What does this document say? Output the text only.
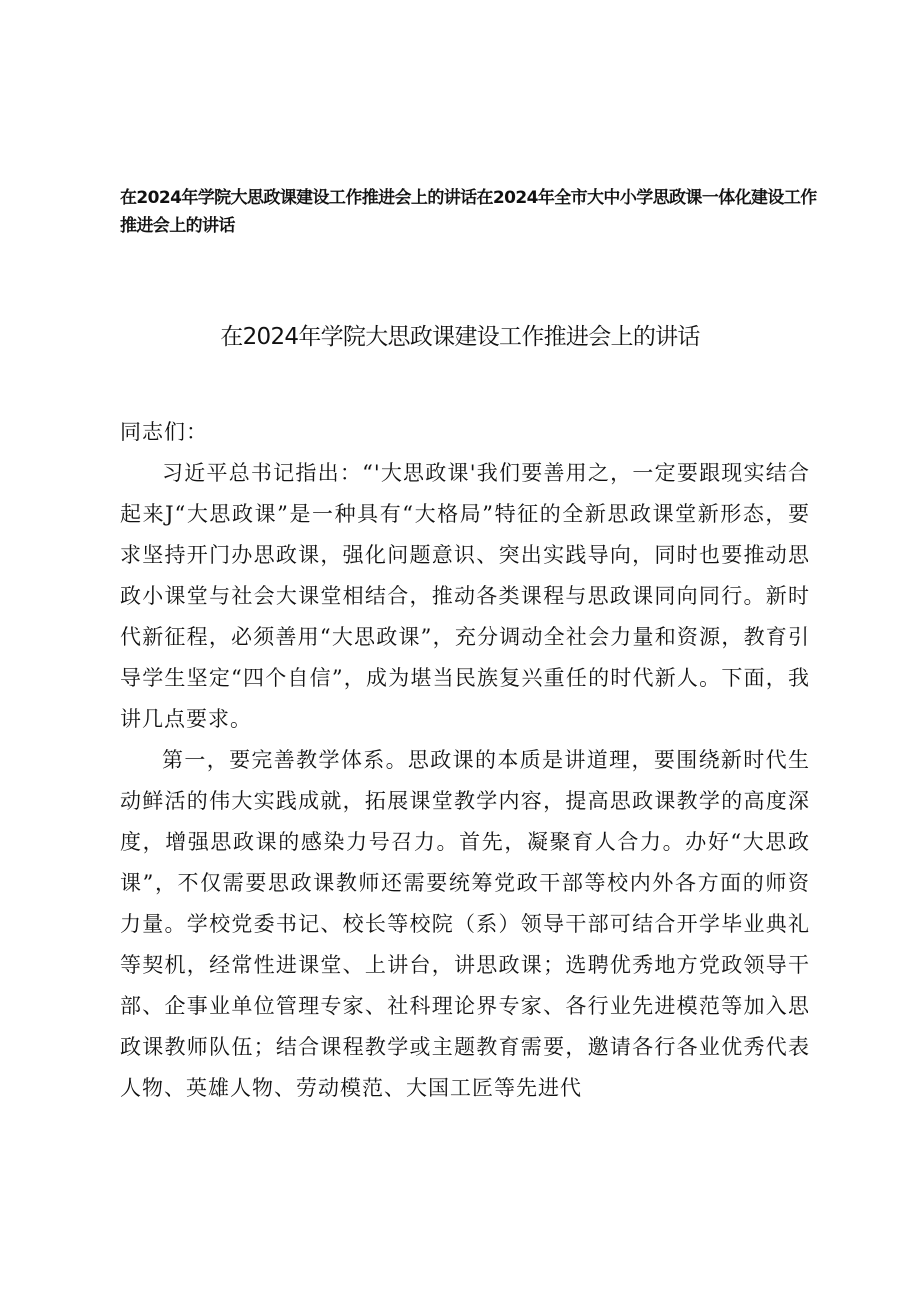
在2024年学院大思政课建设工作推进会上的讲话在2024年全市大中小学思政课一体化建设工作推进会上的讲话
在2024年学院大思政课建设工作推进会上的讲话

同志们：

习近平总书记指出：“'大思政课'我们要善用之，一定要跟现实结合起来J“大思政课”是一种具有“大格局”特征的全新思政课堂新形态，要求坚持开门办思政课，强化问题意识、突出实践导向，同时也要推动思政小课堂与社会大课堂相结合，推动各类课程与思政课同向同行。新时代新征程，必须善用“大思政课”，充分调动全社会力量和资源，教育引导学生坚定“四个自信”，成为堪当民族复兴重任的时代新人。下面，我讲几点要求。

第一，要完善教学体系。思政课的本质是讲道理，要围绕新时代生动鲜活的伟大实践成就，拓展课堂教学内容，提高思政课教学的高度深度，增强思政课的感染力号召力。首先，凝聚育人合力。办好“大思政课”，不仅需要思政课教师还需要统筹党政干部等校内外各方面的师资力量。学校党委书记、校长等校院（系）领导干部可结合开学毕业典礼等契机，经常性进课堂、上讲台，讲思政课；选聘优秀地方党政领导干部、企事业单位管理专家、社科理论界专家、各行业先进模范等加入思政课教师队伍；结合课程教学或主题教育需要，邀请各行各业优秀代表人物、英雄人物、劳动模范、大国工匠等先进代
